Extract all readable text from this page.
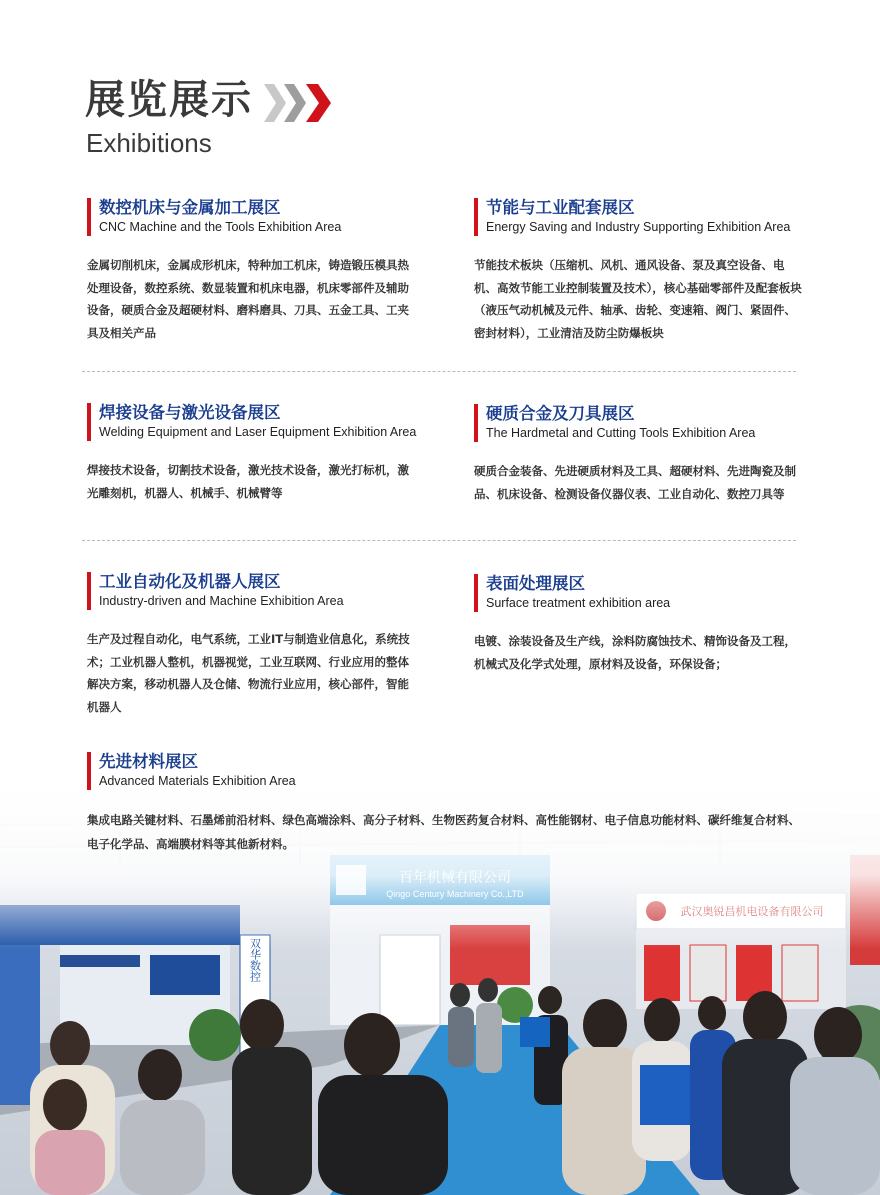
展览展示
Exhibitions
数控机床与金属加工展区
CNC Machine and the Tools Exhibition Area
金属切削机床，金属成形机床，特种加工机床，铸造锻压模具热处理设备，数控系统、数显装置和机床电器，机床零部件及辅助设备，硬质合金及超硬材料、磨料磨具、刀具、五金工具、工夹具及相关产品
节能与工业配套展区
Energy Saving and Industry Supporting Exhibition Area
节能技术板块（压缩机、风机、通风设备、泵及真空设备、电机、高效节能工业控制装置及技术），核心基础零部件及配套板块（液压气动机械及元件、轴承、齿轮、变速箱、阀门、紧固件、密封材料），工业清洁及防尘防爆板块
焊接设备与激光设备展区
Welding Equipment and Laser Equipment Exhibition Area
焊接技术设备，切割技术设备，激光技术设备，激光打标机，激光雕刻机，机器人、机械手、机械臂等
硬质合金及刀具展区
The Hardmetal and Cutting Tools Exhibition Area
硬质合金装备、先进硬质材料及工具、超硬材料、先进陶瓷及制品、机床设备、检测设备仪器仪表、工业自动化、数控刀具等
工业自动化及机器人展区
Industry-driven and Machine Exhibition Area
生产及过程自动化，电气系统，工业IT与制造业信息化，系统技术；工业机器人整机，机器视觉，工业互联网、行业应用的整体解决方案，移动机器人及仓储、物流行业应用，核心部件，智能机器人
表面处理展区
Surface treatment exhibition area
电镀、涂装设备及生产线，涂料防腐蚀技术、精饰设备及工程，机械式及化学式处理，原材料及设备，环保设备；
先进材料展区
Advanced Materials Exhibition Area
集成电路关键材料、石墨烯前沿材料、绿色高端涂料、高分子材料、生物医药复合材料、高性能钢材、电子信息功能材料、碳纤维复合材料、电子化学品、高端膜材料等其他新材料。
